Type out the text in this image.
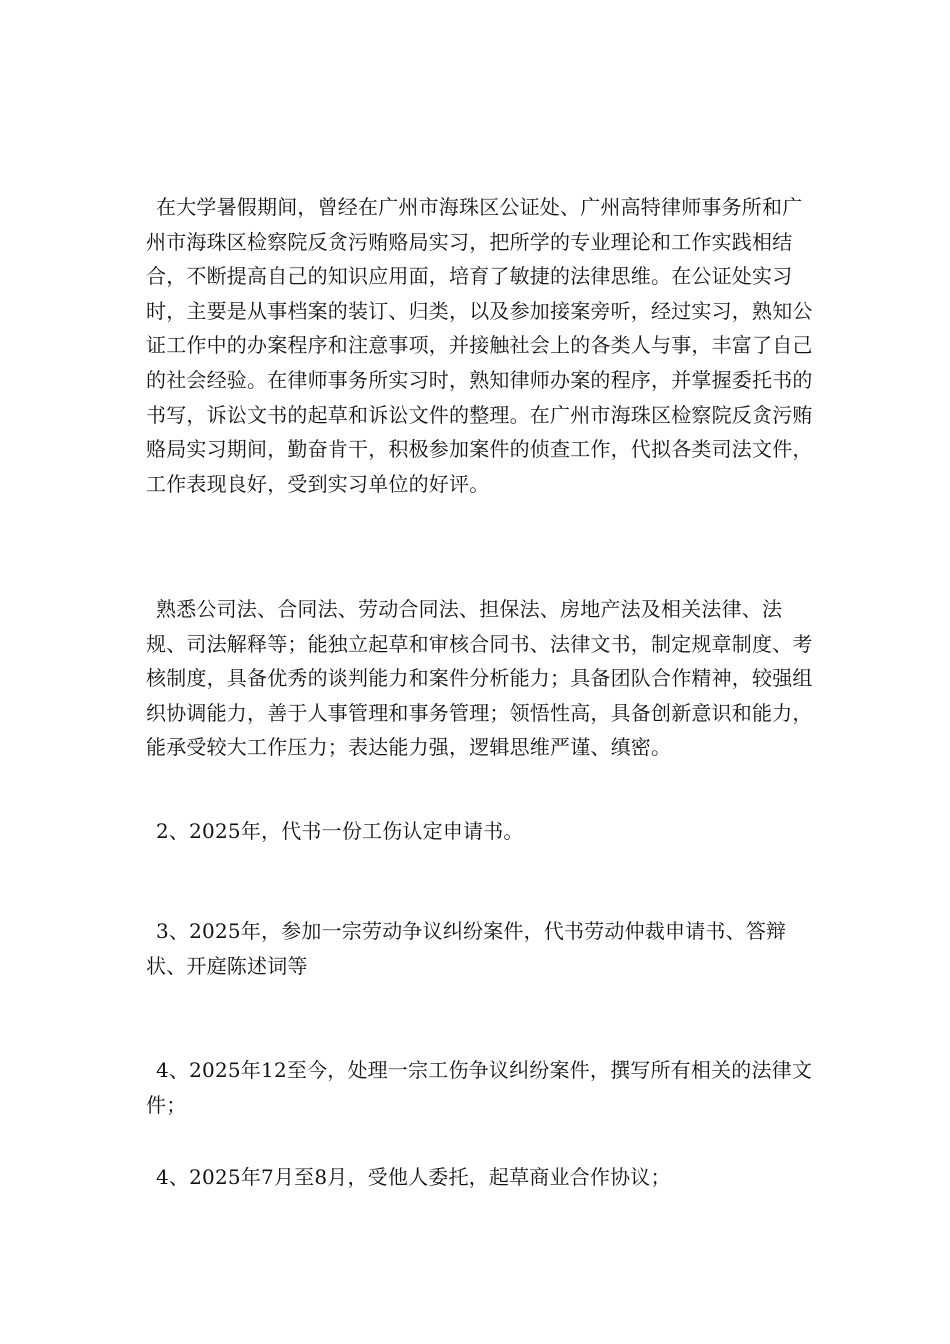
在大学暑假期间，曾经在广州市海珠区公证处、广州高特律师事务所和广州市海珠区检察院反贪污贿赂局实习，把所学的专业理论和工作实践相结合，不断提高自己的知识应用面，培育了敏捷的法律思维。在公证处实习时，主要是从事档案的装订、归类，以及参加接案旁听，经过实习，熟知公证工作中的办案程序和注意事项，并接触社会上的各类人与事，丰富了自己的社会经验。在律师事务所实习时，熟知律师办案的程序，并掌握委托书的书写，诉讼文书的起草和诉讼文件的整理。在广州市海珠区检察院反贪污贿赂局实习期间，勤奋肯干，积极参加案件的侦查工作，代拟各类司法文件，工作表现良好，受到实习单位的好评。

熟悉公司法、合同法、劳动合同法、担保法、房地产法及相关法律、法规、司法解释等；能独立起草和审核合同书、法律文书，制定规章制度、考核制度，具备优秀的谈判能力和案件分析能力；具备团队合作精神，较强组织协调能力，善于人事管理和事务管理；领悟性高，具备创新意识和能力，能承受较大工作压力；表达能力强，逻辑思维严谨、缜密。

2、2025年，代书一份工伤认定申请书。

3、2025年，参加一宗劳动争议纠纷案件，代书劳动仲裁申请书、答辩状、开庭陈述词等

4、2025年12至今，处理一宗工伤争议纠纷案件，撰写所有相关的法律文件；

4、2025年7月至8月，受他人委托，起草商业合作协议；
